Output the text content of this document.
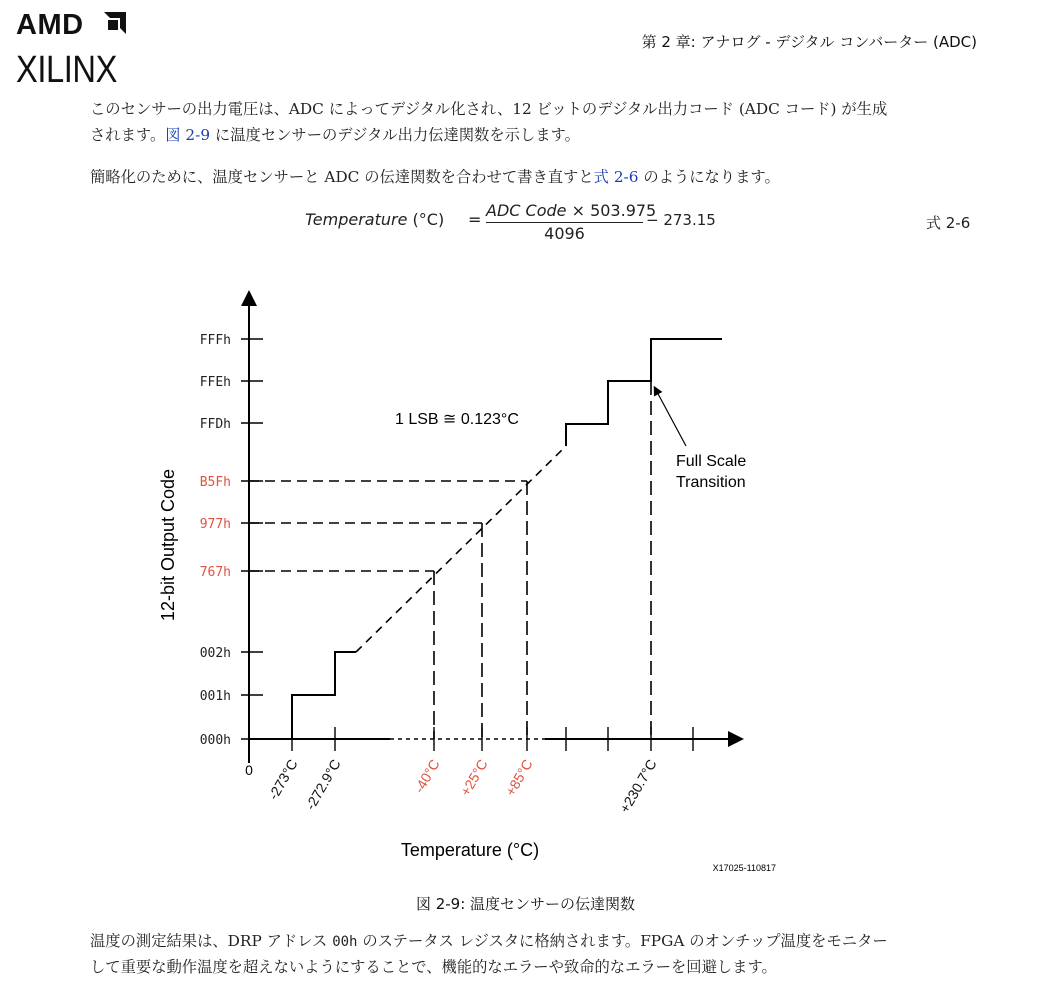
AMD
XILINX
第 2 章: アナログ - デジタル コンバーター (ADC)
このセンサーの出力電圧は、ADC によってデジタル化され、12 ビットのデジタル出力コード (ADC コード) が生成
されます。図 2-9 に温度センサーのデジタル出力伝達関数を示します。
簡略化のために、温度センサーと ADC の伝達関数を合わせて書き直すと式 2-6 のようになります。
Temperature (°C) = ADC Code × 503.975
4096
− 273.15	式 2-6
000h
001h
002h
767h
977h
B5Fh
FFDh
FFEh
FFFh
0 -273°C -272.9°C	-40°C +25°C +85°C	+230.7°C
1 LSB ≅ 0.123°C
Full Scale
Transition
12-bit Output Code
Temperature (°C)
X17025-110817
図 2-9: 温度センサーの伝達関数
温度の測定結果は、DRP アドレス 00h のステータス レジスタに格納されます。FPGA のオンチップ温度をモニター
して重要な動作温度を超えないようにすることで、機能的なエラーや致命的なエラーを回避します。
